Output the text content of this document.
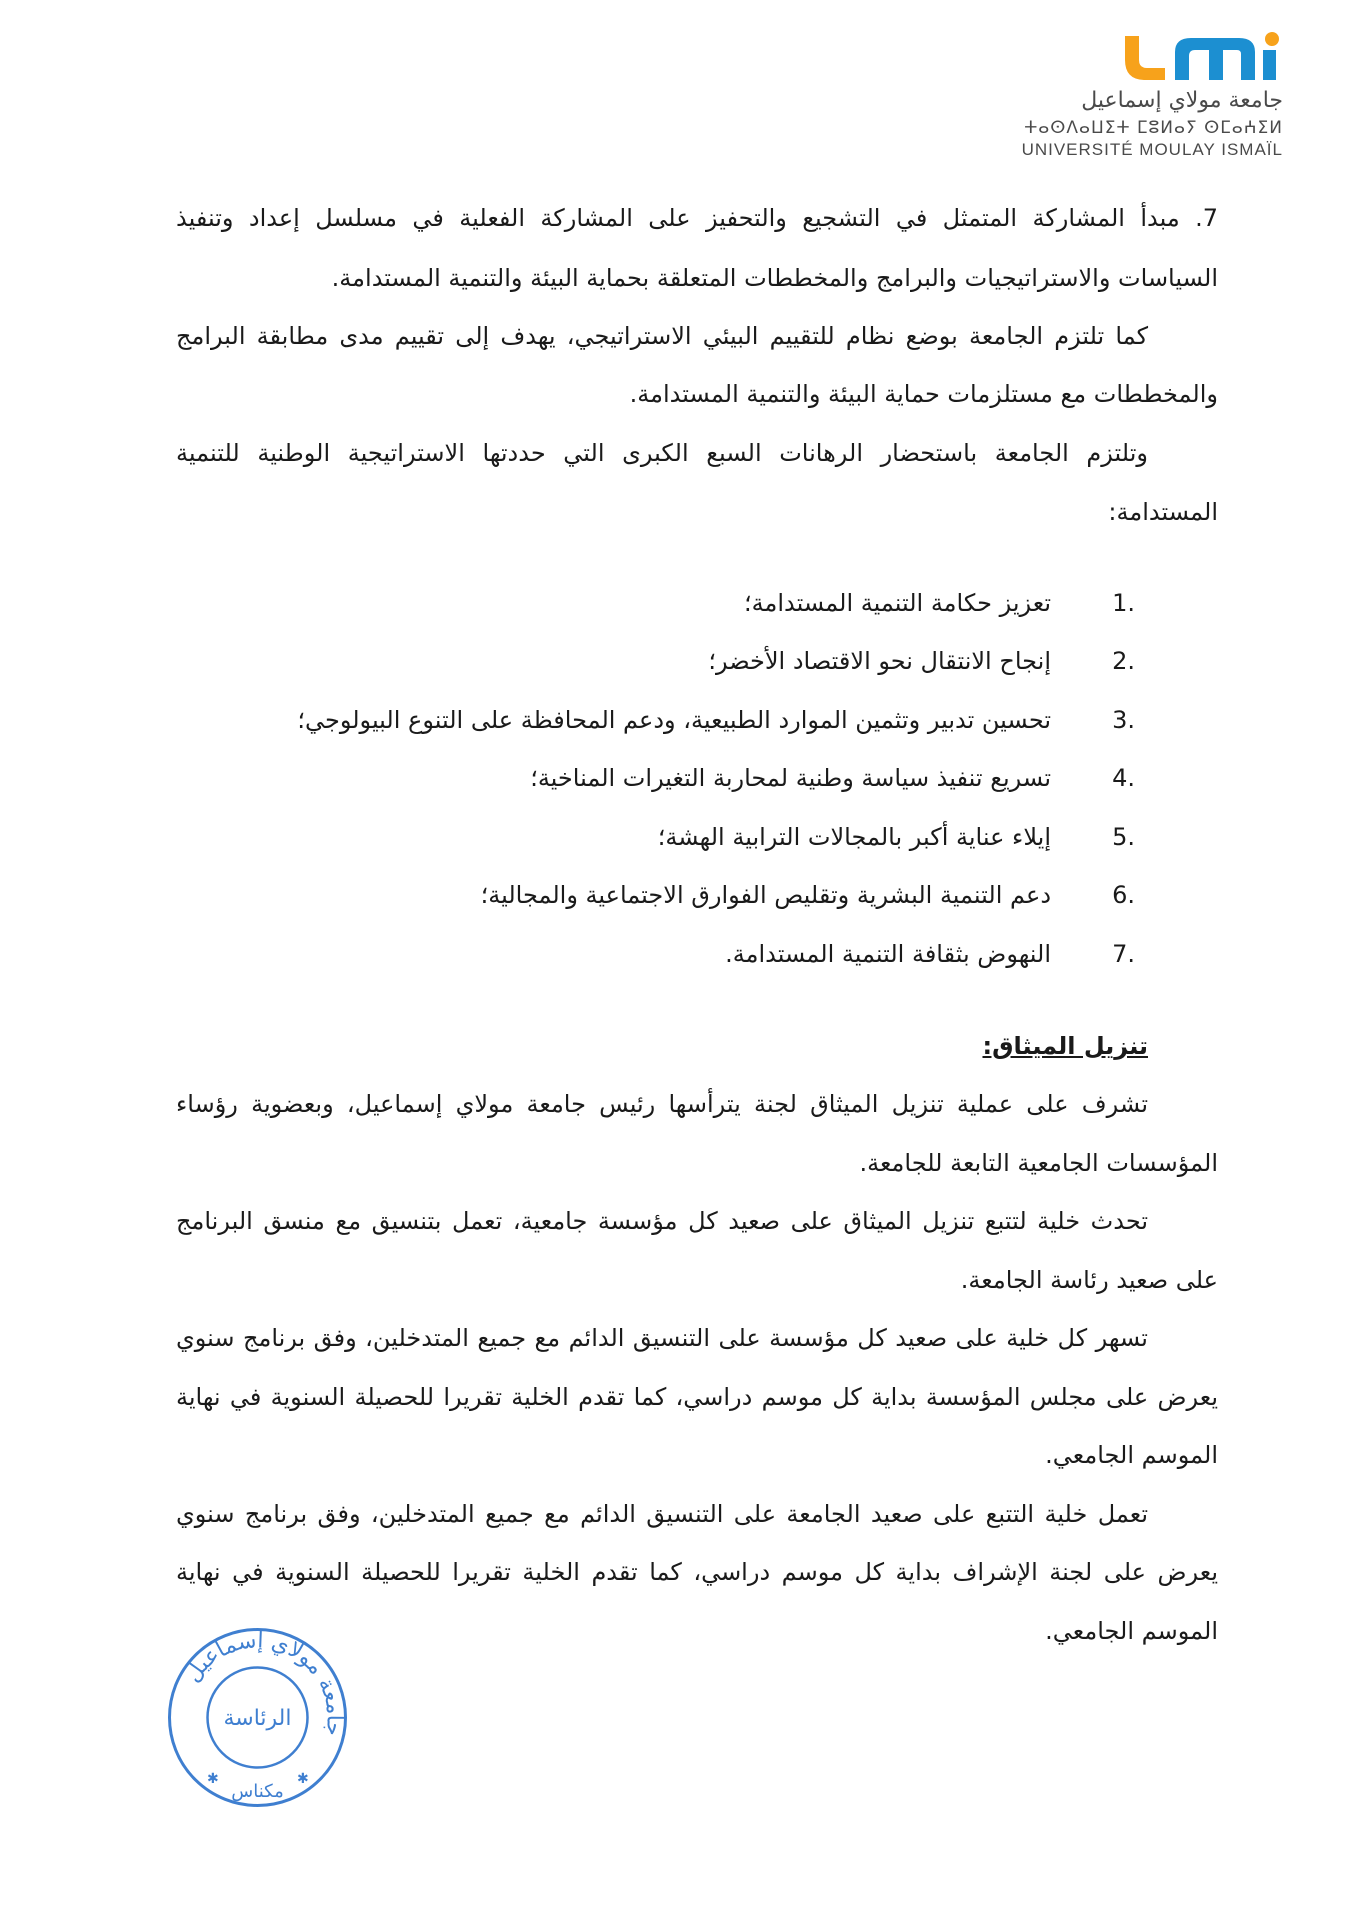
جامعة مولاي إسماعيل
ⵜⴰⵙⴷⴰⵡⵉⵜ ⵎⵓⵍⴰⵢ ⵙⵎⴰⵄⵉⵍ
UNIVERSITÉ MOULAY ISMAÏL
7. مبدأ المشاركة المتمثل في التشجيع والتحفيز على المشاركة الفعلية في مسلسل إعداد وتنفيذ
السياسات والاستراتيجيات والبرامج والمخططات المتعلقة بحماية البيئة والتنمية المستدامة.
كما تلتزم الجامعة بوضع نظام للتقييم البيئي الاستراتيجي، يهدف إلى تقييم مدى مطابقة البرامج
والمخططات مع مستلزمات حماية البيئة والتنمية المستدامة.
وتلتزم الجامعة باستحضار الرهانات السبع الكبرى التي حددتها الاستراتيجية الوطنية للتنمية
المستدامة:
1.
تعزيز حكامة التنمية المستدامة؛
2.
إنجاح الانتقال نحو الاقتصاد الأخضر؛
3.
تحسين تدبير وتثمين الموارد الطبيعية، ودعم المحافظة على التنوع البيولوجي؛
4.
تسريع تنفيذ سياسة وطنية لمحاربة التغيرات المناخية؛
5.
إيلاء عناية أكبر بالمجالات الترابية الهشة؛
6.
دعم التنمية البشرية وتقليص الفوارق الاجتماعية والمجالية؛
7.
النهوض بثقافة التنمية المستدامة.
تنزيل الميثاق:
تشرف على عملية تنزيل الميثاق لجنة يترأسها رئيس جامعة مولاي إسماعيل، وبعضوية رؤساء
المؤسسات الجامعية التابعة للجامعة.
تحدث خلية لتتبع تنزيل الميثاق على صعيد كل مؤسسة جامعية، تعمل بتنسيق مع منسق البرنامج
على صعيد رئاسة الجامعة.
تسهر كل خلية على صعيد كل مؤسسة على التنسيق الدائم مع جميع المتدخلين، وفق برنامج سنوي
يعرض على مجلس المؤسسة بداية كل موسم دراسي، كما تقدم الخلية تقريرا للحصيلة السنوية في نهاية
الموسم الجامعي.
تعمل خلية التتبع على صعيد الجامعة على التنسيق الدائم مع جميع المتدخلين، وفق برنامج سنوي
يعرض على لجنة الإشراف بداية كل موسم دراسي، كما تقدم الخلية تقريرا للحصيلة السنوية في نهاية
الموسم الجامعي.
جامعة مولاي إسماعيل
الرئاسة
مكناس
✱	✱
